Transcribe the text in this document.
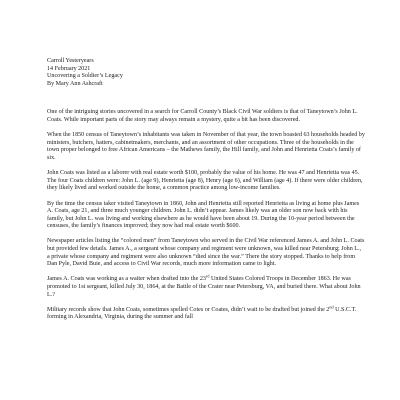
Carroll Yesteryears
14 February 2021
Uncovering a Soldier’s Legacy
By Mary Ann Ashcraft

One of the intriguing stories uncovered in a search for Carroll County’s Black Civil War soldiers is that of Taneytown’s John L. Coats. While important parts of the story may always remain a mystery, quite a bit has been discovered.

When the 1850 census of Taneytown’s inhabitants was taken in November of that year, the town boasted 63 households headed by ministers, butchers, hatters, cabinetmakers, merchants, and an assortment of other occupations. Three of the households in the town proper belonged to free African Americans – the Mathews family, the Hill family, and John and Henrietta Coats’s family of six.

John Coats was listed as a laborer with real estate worth $100, probably the value of his home. He was 47 and Henrietta was 45. The four Coats children were: John L. (age 9), Henrietta (age 8), Henry (age 6), and William (age 4). If there were older children, they likely lived and worked outside the home, a common practice among low-income families.

By the time the census taker visited Taneytown in 1860, John and Henrietta still reported Henrietta as living at home plus James A. Coats, age 21, and three much younger children. John L. didn’t appear. James likely was an older son now back with his family, but John L. was living and working elsewhere as he would have been about 19. During the 10-year period between the censuses, the family’s finances improved; they now had real estate worth $600.

Newspaper articles listing the “colored men” from Taneytown who served in the Civil War referenced James A. and John L. Coats but provided few details. James A., a sergeant whose company and regiment were unknown, was killed near Petersburg; John L., a private whose company and regiment were also unknown “died since the war.” There the story stopped. Thanks to help from Dan Pyle, David Buie, and access to Civil War records, much more information came to light.

James A. Coats was working as a waiter when drafted into the 23rd United States Colored Troops in December 1863. He was promoted to 1st sergeant, killed July 30, 1864, at the Battle of the Crater near Petersburg, VA, and buried there. What about John L.?

Military records show that John Coats, sometimes spelled Cotes or Coates, didn’t wait to be drafted but joined the 2nd U.S.C.T. forming in Alexandria, Virginia, during the summer and fall
